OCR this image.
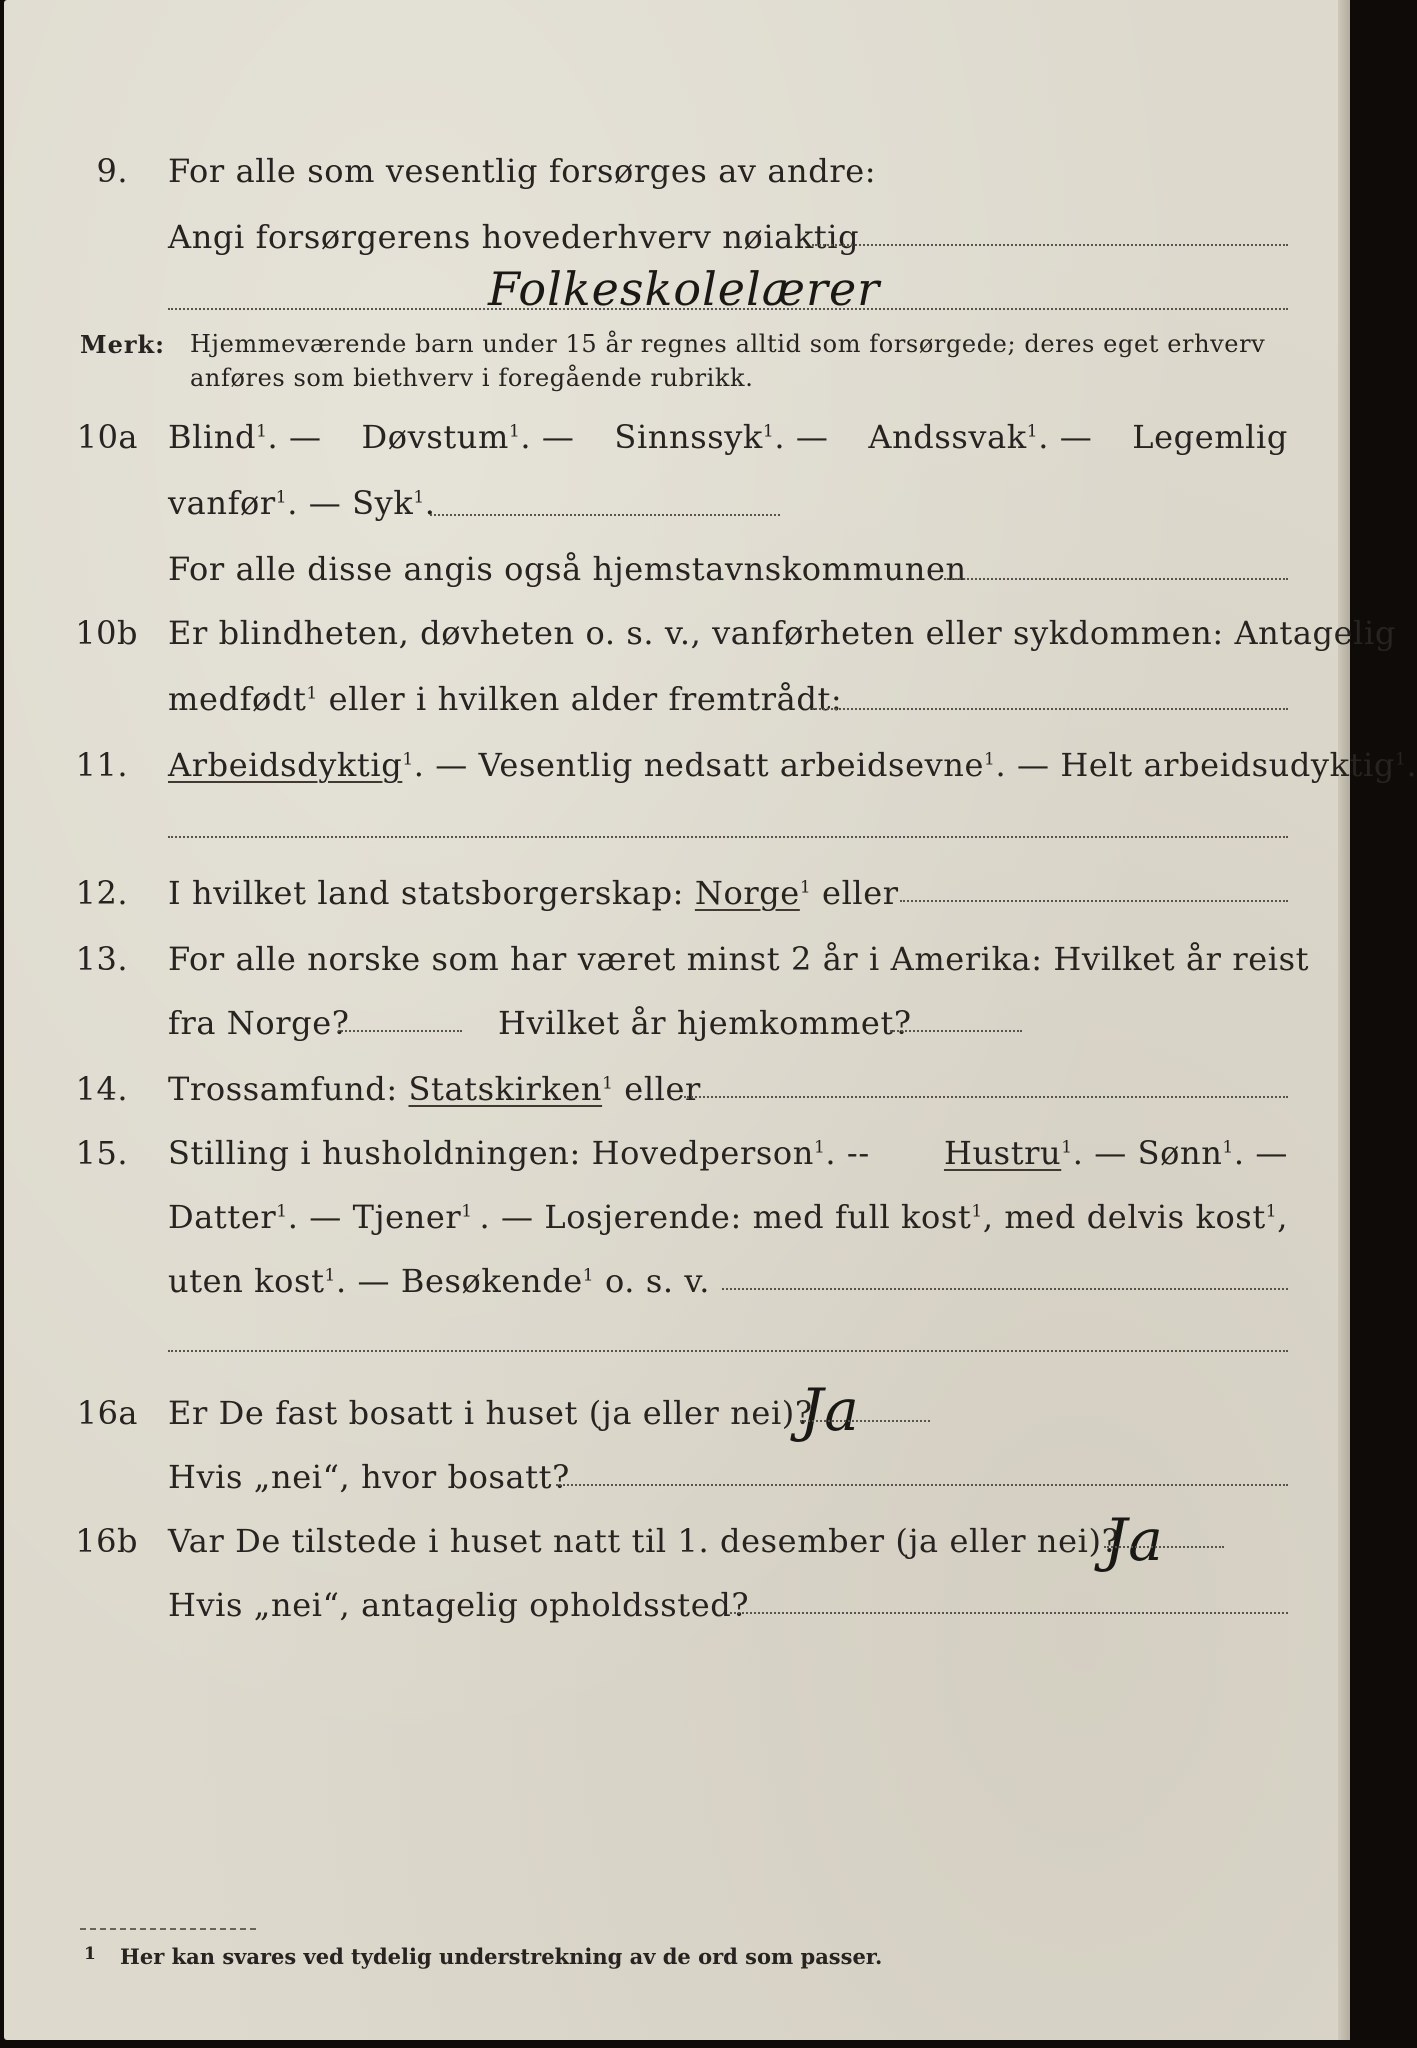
9. For alle som vesentlig forsørges av andre:
Angi forsørgerens hovederhverv nøiaktig
Folkeskolelærer
Merk: Hjemmeværende barn under 15 år regnes alltid som forsørgede; deres eget erhverv
anføres som biethverv i foregående rubrikk.
10a Blind$^1$. — Døvstum$^1$. — Sinnssyk$^1$. — Andssvak$^1$. — Legemlig
vanfør$^1$. — Syk$^1$.
For alle disse angis også hjemstavnskommunen
10b Er blindheten, døvheten o. s. v., vanførheten eller sykdommen: Antagelig
medfødt$^1$ eller i hvilken alder fremtrådt:
11. Arbeidsdyktig$^1$. — Vesentlig nedsatt arbeidsevne$^1$. — Helt arbeidsudyktig$^1$.
12. I hvilket land statsborgerskap: Norge$^1$ eller
13. For alle norske som har været minst 2 år i Amerika: Hvilket år reist
fra Norge?	Hvilket år hjemkommet?
14. Trossamfund: Statskirken$^1$ eller
15. Stilling i husholdningen: Hovedperson$^1$. -- Hustru$^1$. — Sønn$^1$. —
Datter$^1$. — Tjener$^1$ . — Losjerende: med full kost$^1$, med delvis kost$^1$,
uten kost$^1$. — Besøkende$^1$ o. s. v.
16a Er De fast bosatt i huset (ja eller nei)?
Ja
Hvis „nei“, hvor bosatt?
16b Var De tilstede i huset natt til 1. desember (ja eller nei)?
Ja
Hvis „nei“, antagelig opholdssted?
1 Her kan svares ved tydelig understrekning av de ord som passer.
